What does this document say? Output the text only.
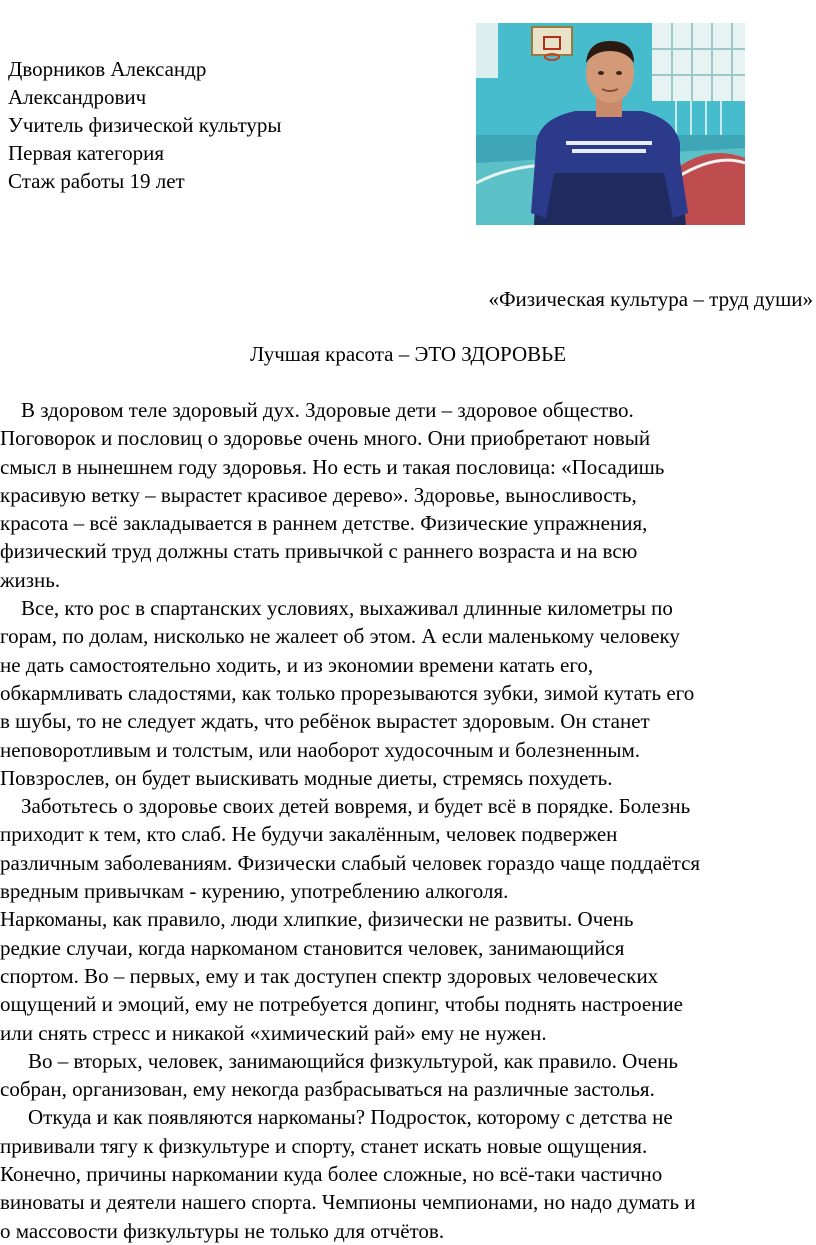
Дворников Александр
Александрович
Учитель физической культуры
Первая категория
Стаж работы 19 лет
«Физическая культура – труд души»
Лучшая красота – ЭТО ЗДОРОВЬЕ
В здоровом теле здоровый дух. Здоровые дети – здоровое общество.
Поговорок и пословиц о здоровье очень много. Они приобретают новый
смысл в нынешнем году здоровья. Но есть и такая пословица: «Посадишь
красивую ветку – вырастет красивое дерево». Здоровье, выносливость,
красота – всё закладывается в раннем детстве. Физические упражнения,
физический труд должны стать привычкой с раннего возраста и на всю
жизнь.
Все, кто рос в спартанских условиях, выхаживал длинные километры по
горам, по долам, нисколько не жалеет об этом. А если маленькому человеку
не дать самостоятельно ходить, и из экономии времени катать его,
обкармливать сладостями, как только прорезываются зубки, зимой кутать его
в шубы, то не следует ждать, что ребёнок вырастет здоровым. Он станет
неповоротливым и толстым, или наоборот худосочным и болезненным.
Повзрослев, он будет выискивать модные диеты, стремясь похудеть.
Заботьтесь о здоровье своих детей вовремя, и будет всё в порядке. Болезнь
приходит к тем, кто слаб. Не будучи закалённым, человек подвержен
различным заболеваниям. Физически слабый человек гораздо чаще поддаётся
вредным привычкам - курению, употреблению алкоголя.
Наркоманы, как правило, люди хлипкие, физически не развиты. Очень
редкие случаи, когда наркоманом становится человек, занимающийся
спортом. Во – первых, ему и так доступен спектр здоровых человеческих
ощущений и эмоций, ему не потребуется допинг, чтобы поднять настроение
или снять стресс и никакой «химический рай» ему не нужен.
Во – вторых, человек, занимающийся физкультурой, как правило. Очень
собран, организован, ему некогда разбрасываться на различные застолья.
Откуда и как появляются наркоманы? Подросток, которому с детства не
прививали тягу к физкультуре и спорту, станет искать новые ощущения.
Конечно, причины наркомании куда более сложные, но всё-таки частично
виноваты и деятели нашего спорта. Чемпионы чемпионами, но надо думать и
о массовости физкультуры не только для отчётов.
